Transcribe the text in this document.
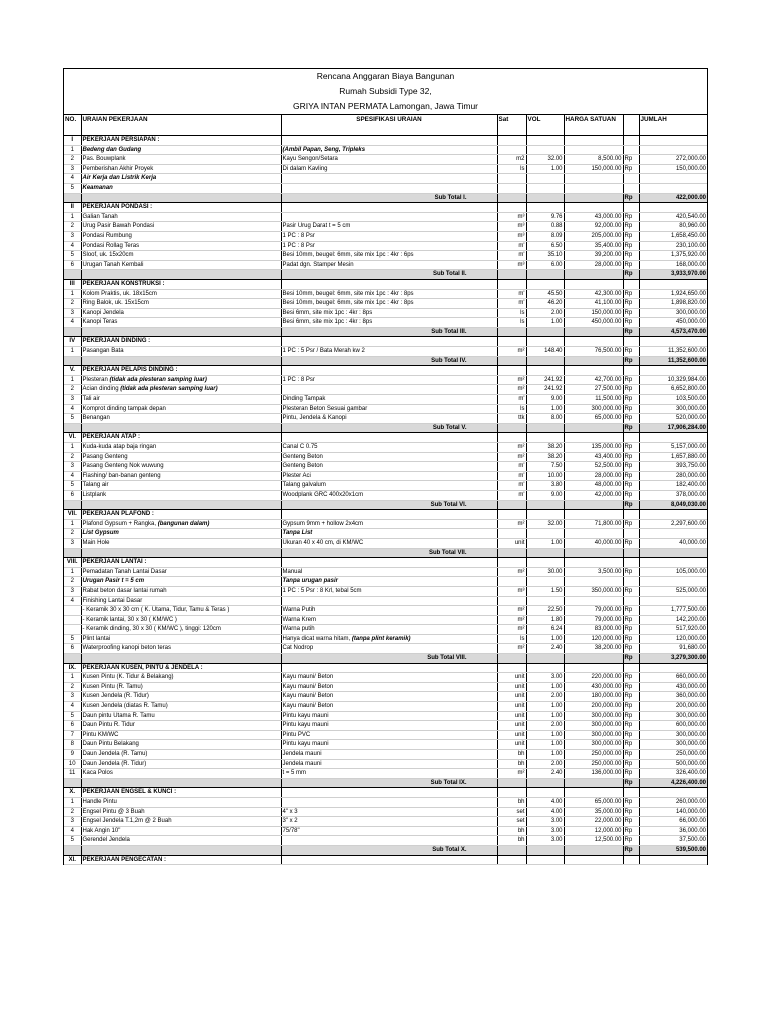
Rencana Anggaran Biaya Bangunan
Rumah Subsidi Type 32,
GRIYA INTAN PERMATA Lamongan, Jawa Timur
NO.	URAIAN PEKERJAAN	SPESIFIKASI URAIAN	Sat	VOL	HARGA SATUAN		JUMLAH
I	PEKERJAAN PERSIAPAN :						
1	Bedeng dan Gudang	(Ambil Papan, Seng, Tripleks					
2	Pas. Bouwplank	Kayu Sengon/Setara	m2	32.00	8,500.00	Rp	272,000.00
3	Pemberishan Akhir Proyek	Di dalam Kavling	ls	1.00	150,000.00	Rp	150,000.00
4	Air Kerja dan Listrik Kerja						
5	Keamanan						
		Sub Total I.				Rp	422,000.00
II	PEKERJAAN PONDASI :						
1	Galian Tanah		m³	9.76	43,000.00	Rp	420,540.00
2	Urug Pasir Bawah Pondasi	Pasir Urug Darat t = 5 cm	m³	0.88	92,000.00	Rp	80,960.00
3	Pondasi Rumbung	1 PC : 8 Psr	m³	8.09	205,000.00	Rp	1,658,450.00
4	Pondasi Rollag Teras	1 PC : 8 Psr	m'	6.50	35,400.00	Rp	230,100.00
5	Sloof, uk. 15x20cm	Besi 10mm, beugel: 6mm, site mix 1pc : 4kr : 6ps	m'	35.10	39,200.00	Rp	1,375,920.00
6	Urugan Tanah Kembali	Padat dgn. Stamper Mesin	m³	6.00	28,000.00	Rp	168,000.00
		Sub Total II.				Rp	3,933,970.00
III	PEKERJAAN KONSTRUKSI :						
1	Kolom Praktis, uk. 18x15cm	Besi 10mm, beugel: 6mm, site mix 1pc : 4kr : 8ps	m'	45.50	42,300.00	Rp	1,924,650.00
2	Ring Balok, uk. 15x15cm	Besi 10mm, beugel: 6mm, site mix 1pc : 4kr : 8ps	m'	46.20	41,100.00	Rp	1,898,820.00
3	Kanopi Jendela	Besi 6mm, site mix 1pc : 4kr : 8ps	ls	2.00	150,000.00	Rp	300,000.00
4	Kanopi Teras	Besi 6mm, site mix 1pc : 4kr : 8ps	ls	1.00	450,000.00	Rp	450,000.00
		Sub Total III.				Rp	4,573,470.00
IV	PEKERJAAN DINDING :						
1	Pasangan Bata	1 PC : 5 Psr / Bata Merah kw 2	m²	148.40	76,500.00	Rp	11,352,600.00
		Sub Total IV.				Rp	11,352,600.00
V.	PEKERJAAN PELAPIS DINDING :						
1	Plesteran (tidak ada plesteran samping luar)	1 PC : 8 Psr	m²	241.92	42,700.00	Rp	10,329,984.00
2	Acian dinding (tidak ada plesteran samping luar)		m²	241.92	27,500.00	Rp	6,652,800.00
3	Tali air	Dinding Tampak	m'	9.00	11,500.00	Rp	103,500.00
4	Komprot dinding tampak depan	Plesteran Beton Sesuai gambar	ls	1.00	300,000.00	Rp	300,000.00
5	Benangan	Pintu, Jendela & Kanopi	ttk	8.00	65,000.00	Rp	520,000.00
		Sub Total V.				Rp	17,906,284.00
VI.	PEKERJAAN ATAP :						
1	Kuda-kuda atap baja ringan	Canal C 0.75	m²	38.20	135,000.00	Rp	5,157,000.00
2	Pasang Genteng	Genteng Beton	m²	38.20	43,400.00	Rp	1,657,880.00
3	Pasang Genteng Nok wuwung	Genteng Beton	m'	7.50	52,500.00	Rp	393,750.00
4	Flashing/ ban-banan genteng	Plester Aci	m'	10.00	28,000.00	Rp	280,000.00
5	Talang air	Talang galvalum	m'	3.80	48,000.00	Rp	182,400.00
6	Listplank	Woodplank GRC 400x20x1cm	m'	9.00	42,000.00	Rp	378,000.00
		Sub Total VI.				Rp	8,049,030.00
VII.	PEKERJAAN PLAFOND :						
1	Plafond Gypsum + Rangka, (bangunan dalam)	Gypsum 9mm + hollow 2x4cm	m²	32.00	71,800.00	Rp	2,297,600.00
2	List Gypsum	Tanpa List					
3	Main Hole	Ukuran 40 x 40 cm, di KM/WC	unit	1.00	40,000.00	Rp	40,000.00
		Sub Total VII.					
VIII.	PEKERJAAN LANTAI :						
1	Pemadatan Tanah Lantai Dasar	Manual	m²	30.00	3,500.00	Rp	105,000.00
2	Urugan Pasir t = 5 cm	Tanpa urugan pasir					
3	Rabat beton dasar lantai rumah	1 PC : 5 Psr : 8 Krl, tebal 5cm	m³	1.50	350,000.00	Rp	525,000.00
4	Finishing Lantai Dasar						
	- Keramik 30 x 30 cm ( K. Utama, Tidur, Tamu & Teras )	Warna Putih	m²	22.50	79,000.00	Rp	1,777,500.00
	- Keramik lantai, 30 x 30 ( KM/WC )	Warna Krem	m²	1.80	79,000.00	Rp	142,200.00
	- Keramik dinding, 30 x 30 ( KM/WC ), tinggi: 120cm	Warna putih	m²	6.24	83,000.00	Rp	517,920.00
5	Plint lantai	Hanya dicat warna hitam, (tanpa plint keramik)	ls	1.00	120,000.00	Rp	120,000.00
6	Waterproofing kanopi beton teras	Cat Nodrop	m²	2.40	38,200.00	Rp	91,680.00
		Sub Total VIII.				Rp	3,279,300.00
IX.	PEKERJAAN KUSEN, PINTU & JENDELA :						
1	Kusen Pintu (K. Tidur & Belakang)	Kayu mauni/ Beton	unit	3.00	220,000.00	Rp	660,000.00
2	Kusen Pintu (R. Tamu)	Kayu mauni/ Beton	unit	1.00	430,000.00	Rp	430,000.00
3	Kusen Jendela (R. Tidur)	Kayu mauni/ Beton	unit	2.00	180,000.00	Rp	360,000.00
4	Kusen Jendela (diatas R. Tamu)	Kayu mauni/ Beton	unit	1.00	200,000.00	Rp	200,000.00
5	Daun pintu Utama R. Tamu	Pintu kayu mauni	unit	1.00	300,000.00	Rp	300,000.00
6	Daun Pintu R. Tidur	Pintu kayu mauni	unit	2.00	300,000.00	Rp	600,000.00
7	Pintu KM/WC	Pintu PVC	unit	1.00	300,000.00	Rp	300,000.00
8	Daun Pintu Belakang	Pintu kayu mauni	unit	1.00	300,000.00	Rp	300,000.00
9	Daun Jendela (R. Tamu)	Jendela mauni	bh	1.00	250,000.00	Rp	250,000.00
10	Daun Jendela (R. Tidur)	Jendela mauni	bh	2.00	250,000.00	Rp	500,000.00
11	Kaca Polos	t = 5 mm	m²	2.40	136,000.00	Rp	326,400.00
		Sub Total IX.				Rp	4,226,400.00
X.	PEKERJAAN ENGSEL & KUNCI :						
1	Handle Pintu		bh	4.00	65,000.00	Rp	260,000.00
2	Engsel Pintu @ 3 Buah	4" x 3	set	4.00	35,000.00	Rp	140,000.00
3	Engsel Jendela T.1,2m @ 2 Buah	3" x 2	set	3.00	22,000.00	Rp	66,000.00
4	Hak Angin 10"	75/78"	bh	3.00	12,000.00	Rp	36,000.00
5	Gerendel Jendela		bh	3.00	12,500.00	Rp	37,500.00
		Sub Total X.				Rp	539,500.00
XI.	PEKERJAAN PENGECATAN :						
